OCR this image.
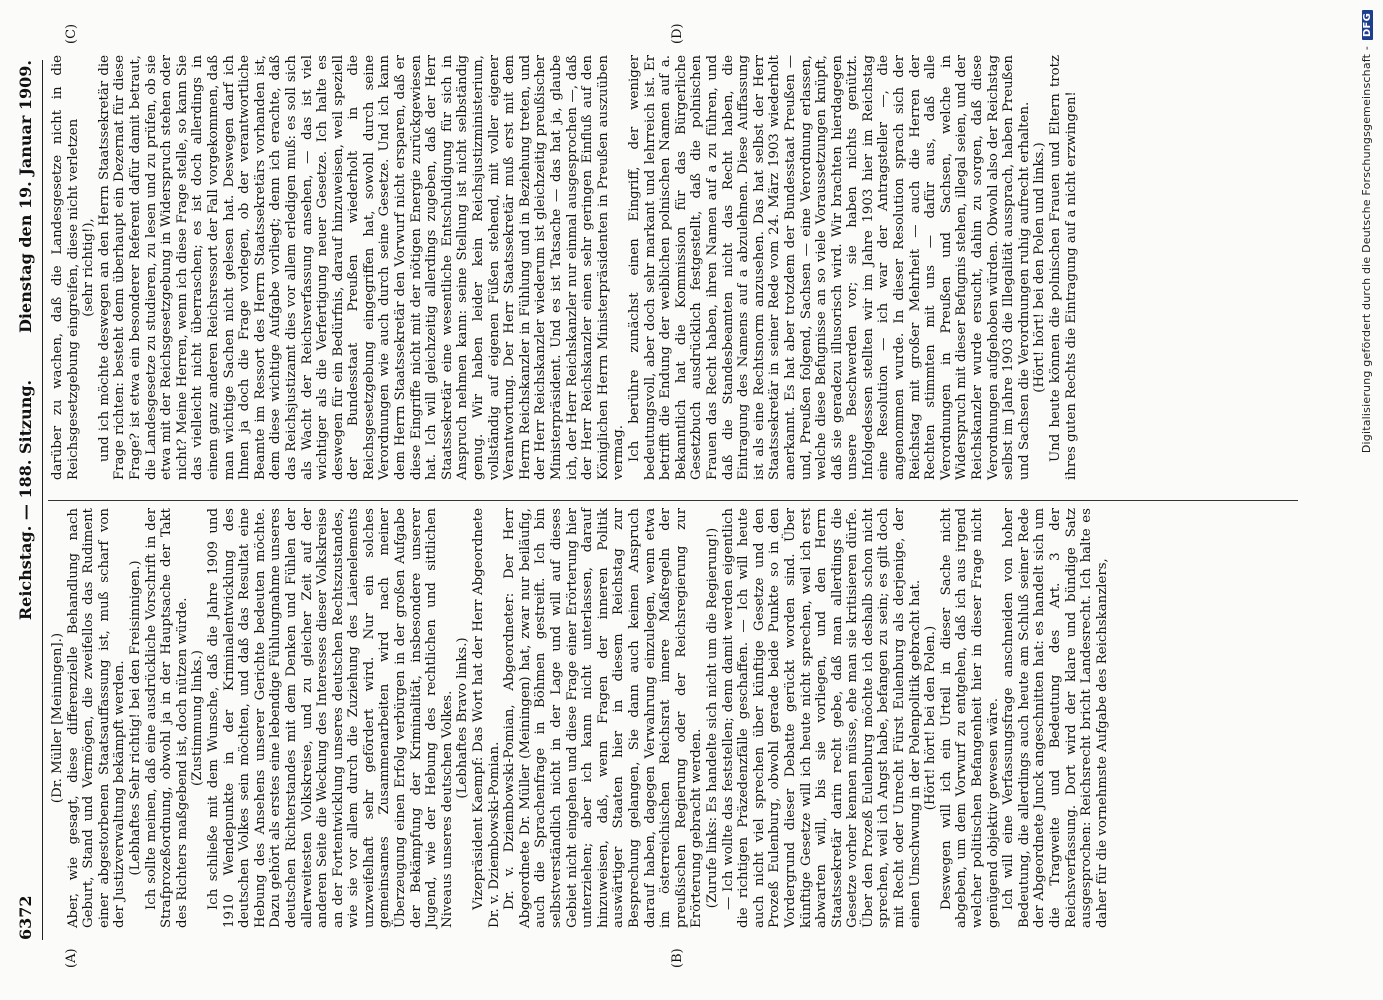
6372
Reichstag. — 188. Sitzung.
Dienstag den 19. Januar 1909.
(A)	(B)
(C)	(D)

(Dr. Müller [Meiningen].) Aber, wie gesagt, diese differenzielle Behandlung nach Geburt, Stand und Vermögen, die zweifellos das Rudiment einer abgestorbenen Staatsauffassung ist, muß scharf von der Justizverwaltung bekämpft werden. (Lebhaftes Sehr richtig! bei den Freisinnigen.) Ich sollte meinen, daß eine ausdrückliche Vorschrift in der Strafprozeßordnung, obwohl ja in der Hauptsache der Takt des Richters maßgebend ist, doch nützen würde. (Zustimmung links.) Ich schließe mit dem Wunsche, daß die Jahre 1909 und 1910 Wendepunkte in der Kriminalentwicklung des deutschen Volkes sein möchten, und daß das Resultat eine Hebung des Ansehens unserer Gerichte bedeuten möchte. Dazu gehört als erstes eine lebendige Fühlungnahme unseres deutschen Richterstandes mit dem Denken und Fühlen der allerweitesten Volkskreise, und zu gleicher Zeit auf der anderen Seite die Weckung des Interesses dieser Volkskreise an der Fortentwicklung unseres deutschen Rechtszustandes, wie sie vor allem durch die Zuziehung des Laienelements unzweifelhaft sehr gefördert wird. Nur ein solches gemeinsames Zusammenarbeiten wird nach meiner Überzeugung einen Erfolg verbürgen in der großen Aufgabe der Bekämpfung der Kriminalität, insbesondere unserer Jugend, wie der Hebung des rechtlichen und sittlichen Niveaus unseres deutschen Volkes. (Lebhaftes Bravo links.) Vizepräsident Kaempf: Das Wort hat der Herr Abgeordnete Dr. v. Dziembowski-Pomian. Dr. v. Dziembowski-Pomian, Abgeordneter: Der Herr Abgeordnete Dr. Müller (Meiningen) hat, zwar nur beiläufig, auch die Sprachenfrage in Böhmen gestreift. Ich bin selbstverständlich nicht in der Lage und will auf dieses Gebiet nicht eingehen und diese Frage einer Erörterung hier unterziehen; aber ich kann nicht unterlassen, darauf hinzuweisen, daß, wenn Fragen der inneren Politik auswärtiger Staaten hier in diesem Reichstag zur Besprechung gelangen, Sie dann auch keinen Anspruch darauf haben, dagegen Verwahrung einzulegen, wenn etwa im österreichischen Reichsrat innere Maßregeln der preußischen Regierung oder der Reichsregierung zur Erörterung gebracht werden. (Zurufe links: Es handelte sich nicht um die Regierung!) — Ich wollte das feststellen; denn damit werden eigentlich die richtigen Präzedenzfälle geschaffen. — Ich will heute auch nicht viel sprechen über künftige Gesetze und den Prozeß Eulenburg, obwohl gerade beide Punkte so in den Vordergrund dieser Debatte gerückt worden sind. Über künftige Gesetze will ich heute nicht sprechen, weil ich erst abwarten will, bis sie vorliegen, und den Herrn Staatssekretär darin recht gebe, daß man allerdings die Gesetze vorher kennen müsse, ehe man sie kritisieren dürfe. Über den Prozeß Eulenburg möchte ich deshalb schon nicht sprechen, weil ich Angst habe, befangen zu sein; es gilt doch mit Recht oder Unrecht Fürst Eulenburg als derjenige, der einen Umschwung in der Polenpolitik gebracht hat. (Hört! hört! bei den Polen.) Deswegen will ich ein Urteil in dieser Sache nicht abgeben, um dem Vorwurf zu entgehen, daß ich aus irgend welcher politischen Befangenheit hier in dieser Frage nicht genügend objektiv gewesen wäre. Ich will eine Verfassungsfrage anschneiden von hoher Bedeutung, die allerdings auch heute am Schluß seiner Rede der Abgeordnete Junck angeschnitten hat: es handelt sich um die Tragweite und Bedeutung des Art. 3 der Reichsverfassung. Dort wird der klare und bündige Satz ausgesprochen: Reichsrecht bricht Landesrecht. Ich halte es daher für die vornehmste Aufgabe des Reichskanzlers,

darüber zu wachen, daß die Landesgesetze nicht in die Reichsgesetzgebung eingreifen, diese nicht verletzen (sehr richtig!), und ich möchte deswegen an den Herrn Staatssekretär die Frage richten: besteht denn überhaupt ein Dezernat für diese Frage? ist etwa ein besonderer Referent dafür damit betraut, die Landesgesetze zu studieren, zu lesen und zu prüfen, ob sie etwa mit der Reichsgesetzgebung in Widerspruch stehen oder nicht? Meine Herren, wenn ich diese Frage stelle, so kann Sie das vielleicht nicht überraschen; es ist doch allerdings in einem ganz anderen Reichsressort der Fall vorgekommen, daß man wichtige Sachen nicht gelesen hat. Deswegen darf ich Ihnen ja doch die Frage vorlegen, ob der verantwortliche Beamte im Ressort des Herrn Staatssekretärs vorhanden ist, dem diese wichtige Aufgabe vorliegt; denn ich erachte, daß das Reichsjustizamt dies vor allem erledigen muß: es soll sich als Wacht der Reichsverfassung ansehen, — das ist viel wichtiger als die Verfertigung neuer Gesetze. Ich halte es deswegen für ein Bedürfnis, darauf hinzuweisen, weil speziell der Bundesstaat Preußen wiederholt in die Reichsgesetzgebung eingegriffen hat, sowohl durch seine Verordnungen wie auch durch seine Gesetze. Und ich kann dem Herrn Staatssekretär den Vorwurf nicht ersparen, daß er diese Eingriffe nicht mit der nötigen Energie zurückgewiesen hat. Ich will gleichzeitig allerdings zugeben, daß der Herr Staatssekretär eine wesentliche Entschuldigung für sich in Anspruch nehmen kann: seine Stellung ist nicht selbständig genug. Wir haben leider kein Reichsjustizministerium, vollständig auf eigenen Füßen stehend, mit voller eigener Verantwortung. Der Herr Staatssekretär muß erst mit dem Herrn Reichskanzler in Fühlung und in Beziehung treten, und der Herr Reichskanzler wiederum ist gleichzeitig preußischer Ministerpräsident. Und es ist Tatsache — das hat ja, glaube ich, der Herr Reichskanzler nur einmal ausgesprochen —, daß der Herr Reichskanzler einen sehr geringen Einfluß auf den Königlichen Herrn Ministerpräsidenten in Preußen auszuüben vermag. Ich berühre zunächst einen Eingriff, der weniger bedeutungsvoll, aber doch sehr markant und lehrreich ist. Er betrifft die Endung der weiblichen polnischen Namen auf a. Bekanntlich hat die Kommission für das Bürgerliche Gesetzbuch ausdrücklich festgestellt, daß die polnischen Frauen das Recht haben, ihren Namen auf a zu führen, und daß die Standesbeamten nicht das Recht haben, die Eintragung des Namens auf a abzulehnen. Diese Auffassung ist als eine Rechtsnorm anzusehen. Das hat selbst der Herr Staatssekretär in seiner Rede vom 24. März 1903 wiederholt anerkannt. Es hat aber trotzdem der Bundesstaat Preußen — und, Preußen folgend, Sachsen — eine Verordnung erlassen, welche diese Befugnisse an so viele Voraussetzungen knüpft, daß sie geradezu illusorisch wird. Wir brachten hierdagegen unsere Beschwerden vor; sie haben nichts genützt. Infolgedessen stellten wir im Jahre 1903 hier im Reichstag eine Resolution — ich war der Antragsteller —, die angenommen wurde. In dieser Resolution sprach sich der Reichstag mit großer Mehrheit — auch die Herren der Rechten stimmten mit uns — dafür aus, daß alle Verordnungen in Preußen und Sachsen, welche in Widerspruch mit dieser Befugnis stehen, illegal seien, und der Reichskanzler wurde ersucht, dahin zu sorgen, daß diese Verordnungen aufgehoben würden. Obwohl also der Reichstag selbst im Jahre 1903 die Illegalität aussprach, haben Preußen und Sachsen die Verordnungen ruhig aufrecht erhalten. (Hört! hört! bei den Polen und links.) Und heute können die polnischen Frauen und Eltern trotz ihres guten Rechts die Eintragung auf a nicht erzwingen!	Digitalisierung gefördert durch die Deutsche Forschungsgemeinschaft -DFG
